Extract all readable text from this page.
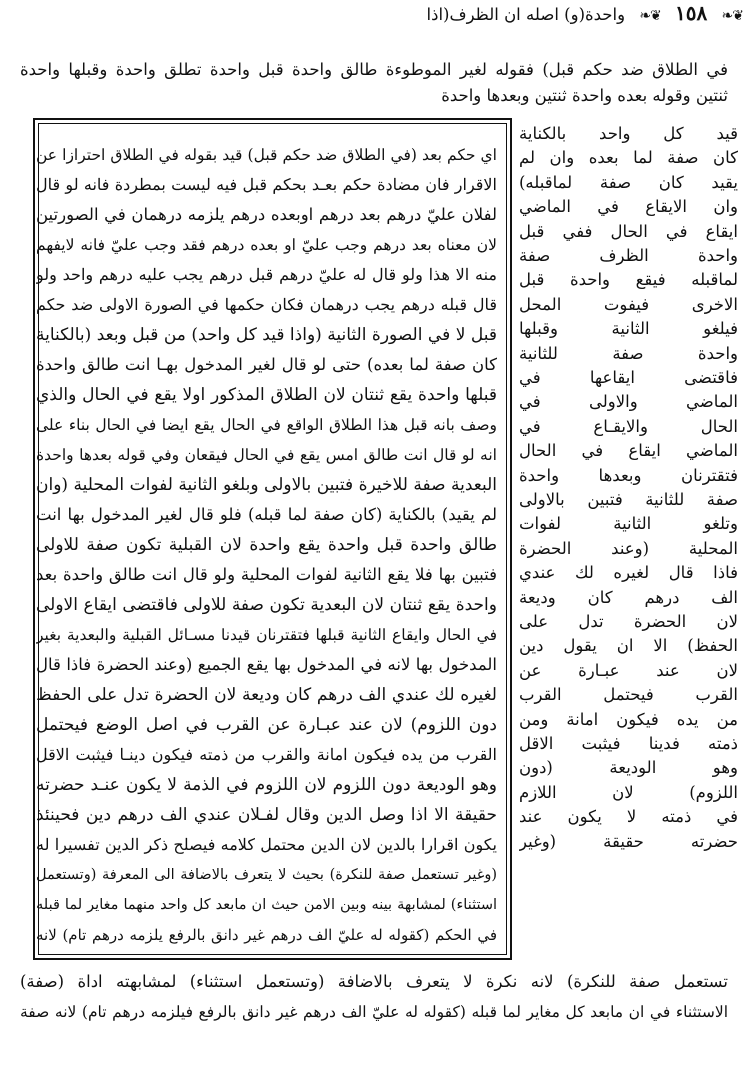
في الطلاق ضد حكم قبل) فقوله لغير الموطوءة طالق واحدة قبل واحدة تطلق واحدة وقبلها واحدة
ثنتين وقوله بعده واحدة ثنتين وبعدها واحدة
❦❧ ١٥٨ ❦❧ واحدة(و) اصله ان الظرف(اذا
اي حكم بعد (في الطلاق ضد حكم قبل) قيد بقوله في الطلاق احترازا عن
الاقرار فان مضادة حكم بعـد بحكم قبل فيه ليست بمطردة فانه لو قال
لفلان عليّ درهم بعد درهم اوبعده درهم يلزمه درهمان في الصورتين
لان معناه بعد درهم وجب عليّ او بعده درهم فقد وجب عليّ فانه لايفهم
منه الا هذا ولو قال له عليّ درهم قبل درهم يجب عليه درهم واحد ولو
قال قبله درهم يجب درهمان فكان حكمها في الصورة الاولى ضد حكم
قبل لا في الصورة الثانية (واذا قيد كل واحد) من قبل وبعد (بالكناية
كان صفة لما بعده) حتى لو قال لغير المدخول بهـا انت طالق واحدة
قبلها واحدة يقع ثنتان لان الطلاق المذكور اولا يقع في الحال والذي
وصف بانه قبل هذا الطلاق الواقع في الحال يقع ايضا في الحال بناء على
انه لو قال انت طالق امس يقع في الحال فيقعان وفي قوله بعدها واحدة
البعدية صفة للاخيرة فتبين بالاولى وبلغو الثانية لفوات المحلية (وان
لم يقيد) بالكناية (كان صفة لما قبله) فلو قال لغير المدخول بها انت
طالق واحدة قبل واحدة يقع واحدة لان القبلية تكون صفة للاولى
فتبين بها فلا يقع الثانية لفوات المحلية ولو قال انت طالق واحدة بعد
واحدة يقع ثنتان لان البعدية تكون صفة للاولى فاقتضى ايقاع الاولى
في الحال وايقاع الثانية قبلها فتقترنان قيدنا مسـائل القبلية والبعدية بغير
المدخول بها لانه في المدخول بها يقع الجميع (وعند الحضرة فاذا قال
لغيره لك عندي الف درهم كان وديعة لان الحضرة تدل على الحفظ
دون اللزوم) لان عند عبـارة عن القرب في اصل الوضع فيحتمل
القرب من يده فيكون امانة والقرب من ذمته فيكون دينـا فيثبت الاقل
وهو الوديعة دون اللزوم لان اللزوم في الذمة لا يكون عنـد حضرته
حقيقة الا اذا وصل الدين وقال لفـلان عندي الف درهم دين فحينئذ
يكون اقرارا بالدين لان الدين محتمل كلامه فيصلح ذكر الدين تفسيرا له
(وغير تستعمل صفة للنكرة) بحيث لا يتعرف بالاضافة الى المعرفة (وتستعمل
استثناء) لمشابهة بينه وبين الامن حيث ان مابعد كل واحد منهما مغاير لما قبله
في الحكم (كقوله له عليّ الف درهم غير دانق بالرفع يلزمه درهم تام) لانه
قيد كل واحد بالكناية
كان صفة لما بعده وان لم
يقيد كان صفة لماقبله)
وان الايقاع في الماضي
ايقاع في الحال ففي قبل
واحدة الظرف صفة
لماقبله فيقع واحدة قبل
الاخرى فيفوت المحل
فيلغو الثانية وقبلها
واحدة صفة للثانية
فاقتضى ايقاعها في
الماضي والاولى في
الحال والايقـاع في
الماضي ايقاع في الحال
فتقترنان وبعدها واحدة
صفة للثانية فتبين بالاولى
وتلغو الثانية لفوات
المحلية (وعند الحضرة
فاذا قال لغيره لك عندي
الف درهم كان وديعة
لان الحضرة تدل على
الحفظ) الا ان يقول دين
لان عند عبـارة عن
القرب فيحتمل القرب
من يده فيكون امانة ومن
ذمته فدينا فيثبت الاقل
وهو الوديعة (دون
اللزوم) لان اللازم
في ذمته لا يكون عند
حضرته حقيقة (وغير
تستعمل صفة للنكرة) لانه نكرة لا يتعرف بالاضافة (وتستعمل استثناء) لمشابهته اداة (صفة)
الاستثناء في ان مابعد كل مغاير لما قبله (كقوله له عليّ الف درهم غير دانق بالرفع فيلزمه درهم تام) لانه صفة
